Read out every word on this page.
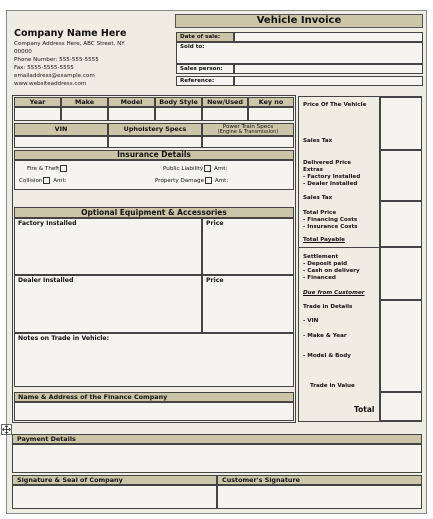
Vehicle Invoice
Company Name Here
Company Address Here, ABC Street, NY
00000
Phone Number: 555-555-5555
Fax: 5555-5555-5555
emailaddress@example.com
www.websiteaddress.com
Date of sale:
Sold to:
Sales person:
Reference:
Year	Make	Model	Body Style	New/Used	Key no
VIN	Upholstery Specs	Power Train Specs
(Engine & Transmission)
Insurance Details
Fire & Theft	Public Liability Amt:
Collision Amt:	Property Damage Amt:
Optional Equipment & Accessories
Factory Installed	Price
Dealer Installed	Price
Notes on Trade in Vehicle:
Name & Address of the Finance Company
Price Of The Vehicle
Sales Tax
Delivered Price
Extras
- Factory Installed
- Dealer Installed
Sales Tax
Total Price
- Financing Costs
- Insurance Costs
Total Payable
Settlement
- Deposit paid
- Cash on delivery
- Financed
Due from Customer
Trade in Details
- VIN
- Make & Year
- Model & Body
Trade in Value
Total
Payment Details
Signature & Seal of Company	Customer's Signature
